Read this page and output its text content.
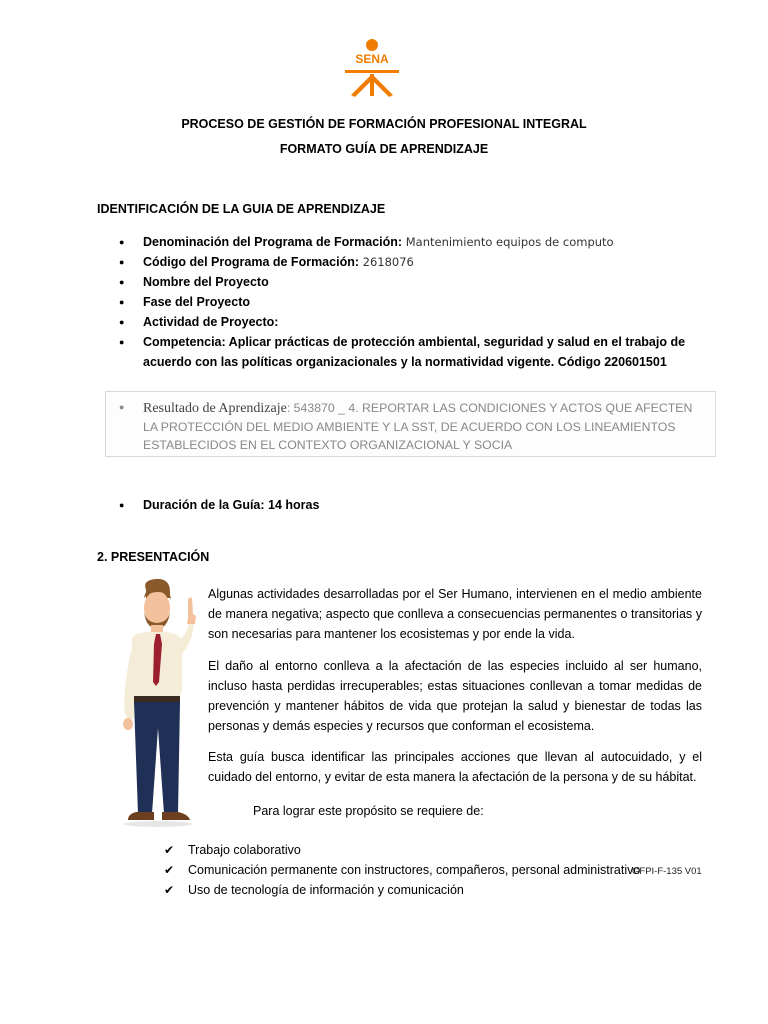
SENA
PROCESO DE GESTIÓN DE FORMACIÓN PROFESIONAL INTEGRAL
FORMATO GUÍA DE APRENDIZAJE
IDENTIFICACIÓN DE LA GUIA DE APRENDIZAJE
● Denominación del Programa de Formación: Mantenimiento equipos de computo
● Código del Programa de Formación: 2618076
● Nombre del Proyecto
● Fase del Proyecto
● Actividad de Proyecto:
● Competencia: Aplicar prácticas de protección ambiental, seguridad y salud en el trabajo de acuerdo con las políticas organizacionales y la normatividad vigente. Código 220601501
● Resultado de Aprendizaje: 543870 _ 4. REPORTAR LAS CONDICIONES Y ACTOS QUE AFECTEN LA PROTECCIÓN DEL MEDIO AMBIENTE Y LA SST, DE ACUERDO CON LOS LINEAMIENTOS ESTABLECIDOS EN EL CONTEXTO ORGANIZACIONAL Y SOCIA
● Duración de la Guía: 14 horas
2. PRESENTACIÓN

Algunas actividades desarrolladas por el Ser Humano, intervienen en el medio ambiente de manera negativa; aspecto que conlleva a consecuencias permanentes o transitorias y son necesarias para mantener los ecosistemas y por ende la vida.

El daño al entorno conlleva a la afectación de las especies incluido al ser humano, incluso hasta perdidas irrecuperables; estas situaciones conllevan a tomar medidas de prevención y mantener hábitos de vida que protejan la salud y bienestar de todas las personas y demás especies y recursos que conforman el ecosistema.

Esta guía busca identificar las principales acciones que llevan al autocuidado, y el cuidado del entorno, y evitar de esta manera la afectación de la persona y de su hábitat.

Para lograr este propósito se requiere de:
✔ Trabajo colaborativo
✔ Comunicación permanente con instructores, compañeros, personal administrativo
✔ Uso de tecnología de información y comunicación
GFPI-F-135 V01
